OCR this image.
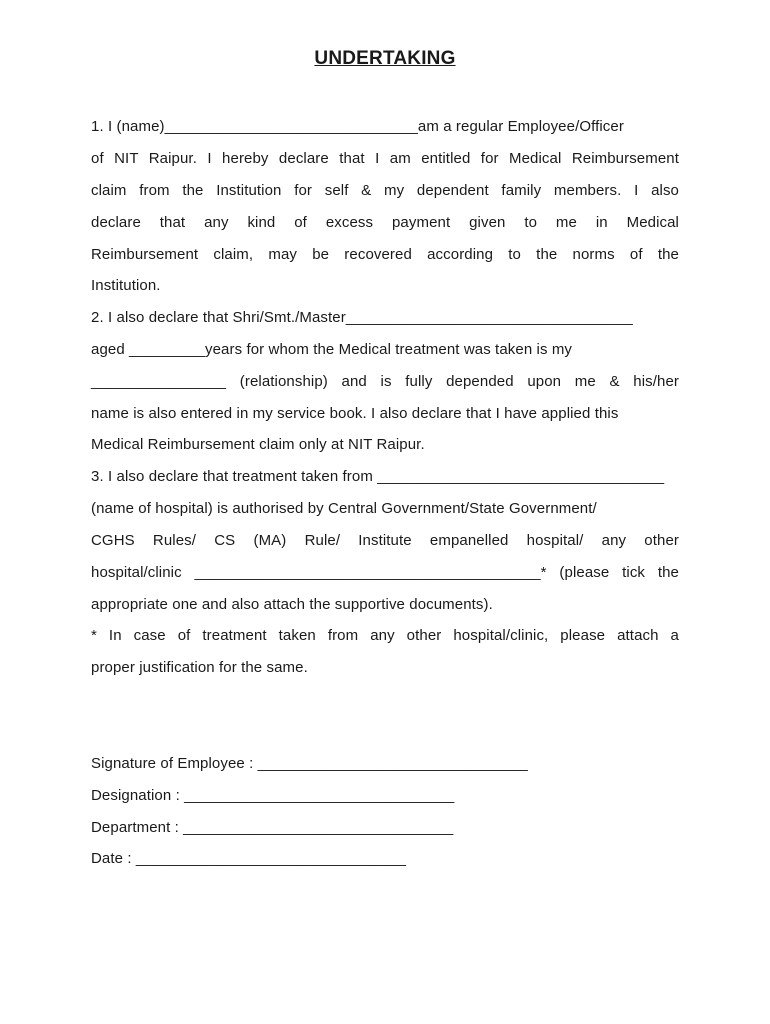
UNDERTAKING

1. I (name)______________________________am a regular Employee/Officer

of NIT Raipur. I hereby declare that I am entitled for Medical Reimbursement

claim from the Institution for self & my dependent family members. I also

declare that any kind of excess payment given to me in Medical

Reimbursement claim, may be recovered according to the norms of the

Institution.

2. I also declare that Shri/Smt./Master__________________________________

aged _________years for whom the Medical treatment was taken is my

________________ (relationship) and is fully depended upon me & his/her

name is also entered in my service book. I also declare that I have applied this

Medical Reimbursement claim only at NIT Raipur.

3. I also declare that treatment taken from __________________________________

(name of hospital) is authorised by Central Government/State Government/

CGHS Rules/ CS (MA) Rule/ Institute empanelled hospital/ any other

hospital/clinic _________________________________________* (please tick the

appropriate one and also attach the supportive documents).

* In case of treatment taken from any other hospital/clinic, please attach a

proper justification for the same.

Signature of Employee : ________________________________

Designation : ________________________________

Department : ________________________________

Date : ________________________________
